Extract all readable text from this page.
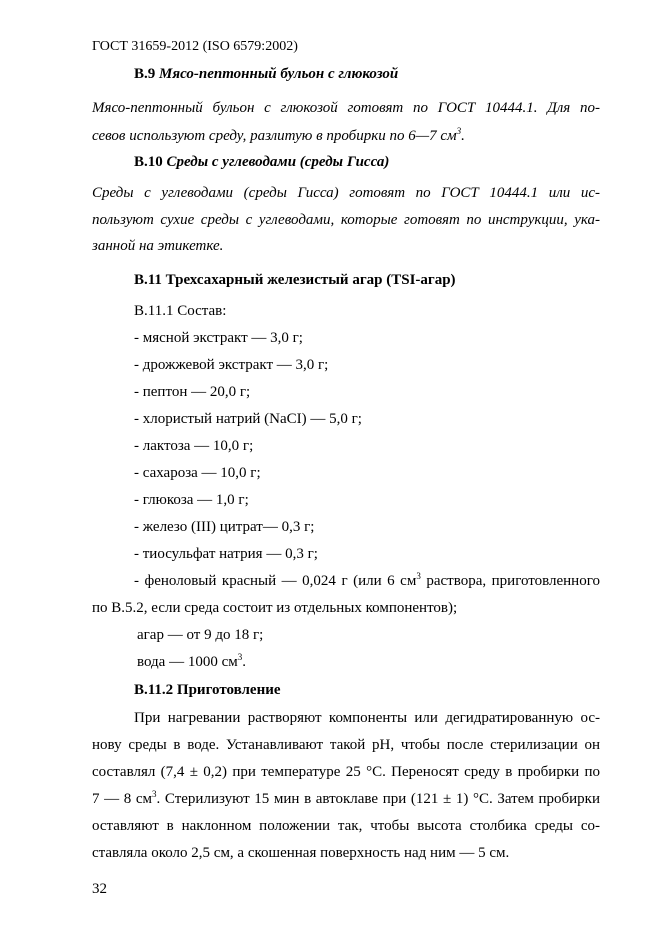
ГОСТ 31659-2012 (ISO 6579:2002)
B.9 Мясо-пептонный бульон с глюкозой
Мясо-пептонный бульон с глюкозой готовят по ГОСТ 10444.1. Для по-
севов используют среду, разлитую в пробирки по 6—7 $см^3$.
B.10 Среды с углеводами (среды Гисса)
Среды с углеводами (среды Гисса) готовят по ГОСТ 10444.1 или ис-
пользуют сухие среды с углеводами, которые готовят по инструкции, ука-
занной на этикетке.
В.11 Трехсахарный железистый агар (TSI-агар)
В.11.1 Состав:
- мясной экстракт — 3,0 г;
- дрожжевой экстракт — 3,0 г;
- пептон — 20,0 г;
- хлористый натрий (NaCI) — 5,0 г;
- лактоза — 10,0 г;
- сахароза — 10,0 г;
- глюкоза — 1,0 г;
- железо (III) цитрат— 0,3 г;
- тиосульфат натрия — 0,3 г;
- феноловый красный — 0,024 г (или 6 $см^3$ раствора, приготовленного
по В.5.2, если среда состоит из отдельных компонентов);
агар — от 9 до 18 г;
вода — 1000 $см^3$.
В.11.2 Приготовление
При нагревании растворяют компоненты или дегидратированную ос-
нову среды в воде. Устанавливают такой pH, чтобы после стерилизации он
составлял (7,4 ± 0,2) при температуре 25 °С. Переносят среду в пробирки по
7 — 8 $см^3$. Стерилизуют 15 мин в автоклаве при (121 ± 1) °С. Затем пробирки
оставляют в наклонном положении так, чтобы высота столбика среды со-
ставляла около 2,5 см, а скошенная поверхность над ним — 5 см.
32
